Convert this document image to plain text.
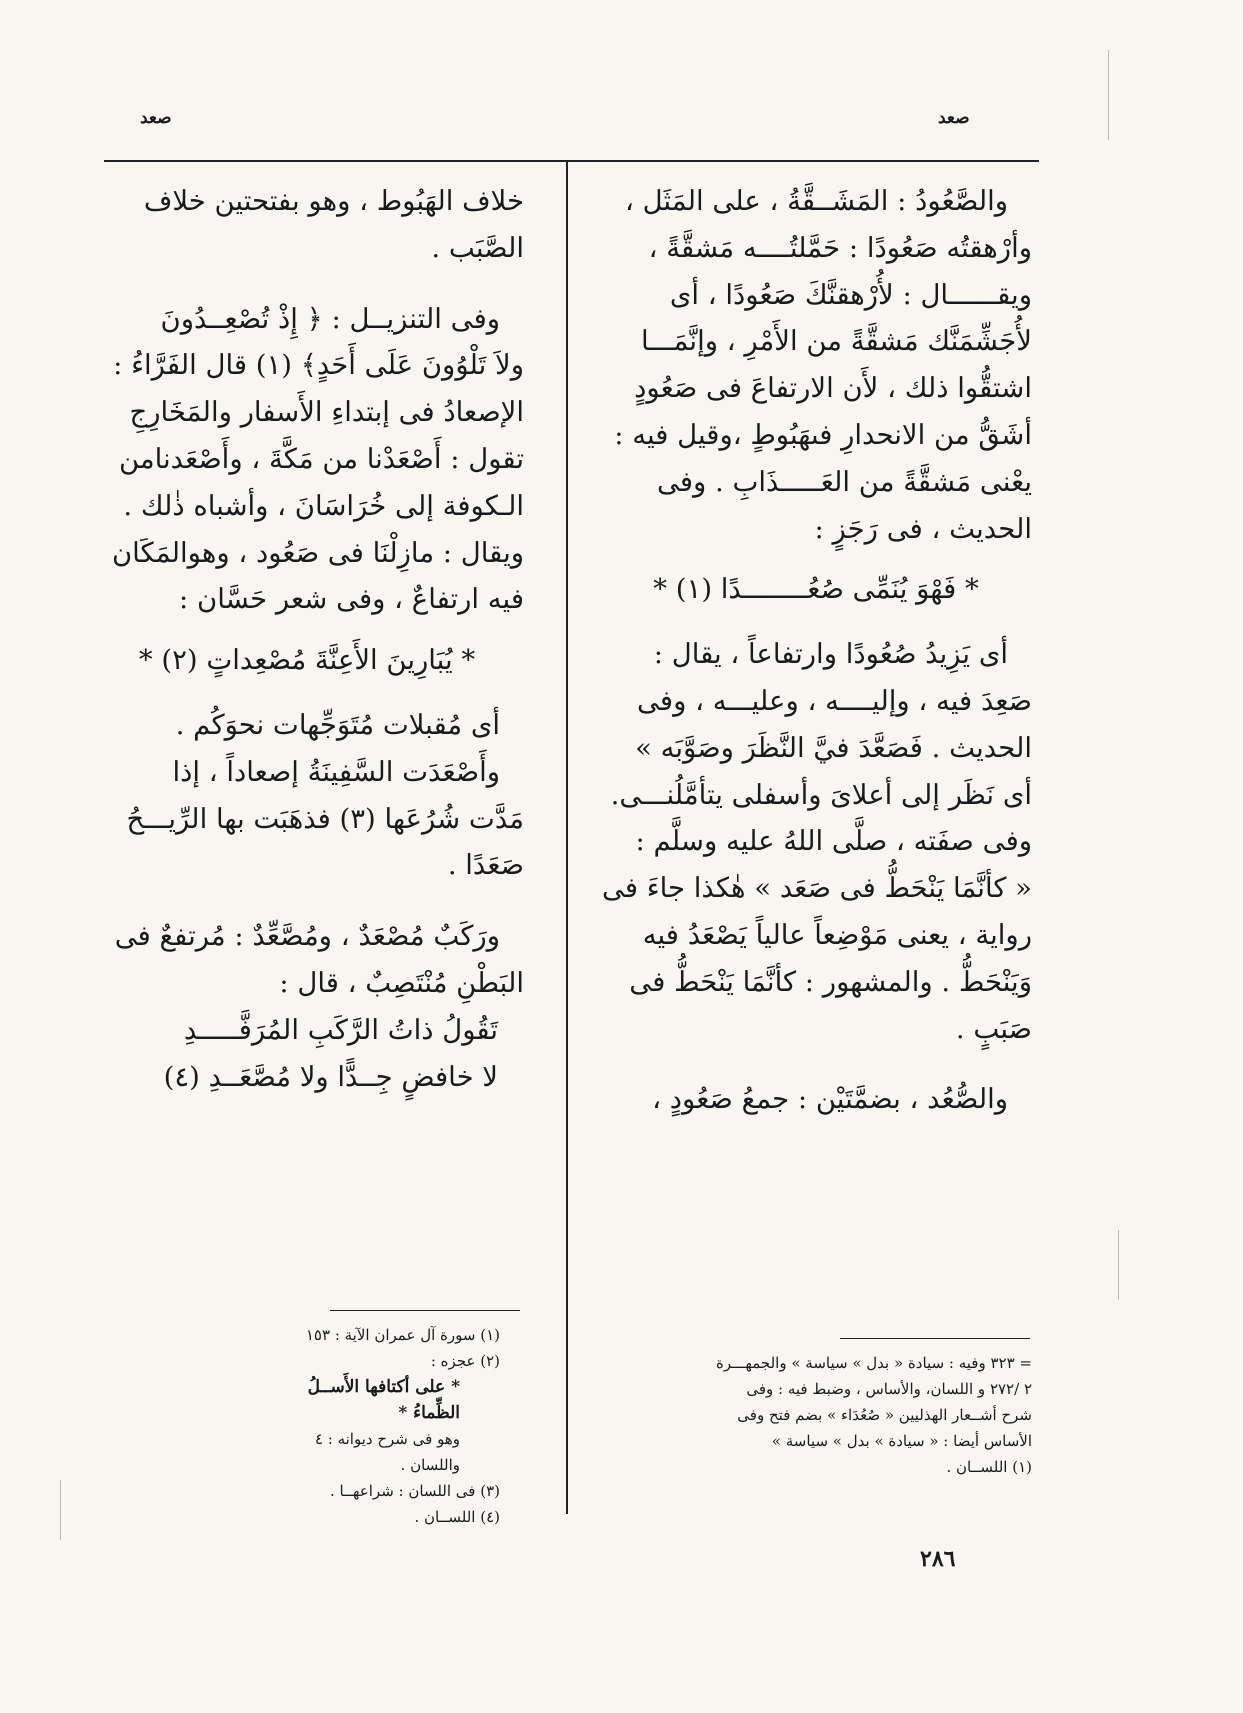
صعد
صعد

والصَّعُودُ : المَشَــقَّةُ ، على المَثَل ،

وأرْهقتُه صَعُودًا : حَمَّلتُــــه مَشقَّةً ،

ويقــــــال : لأُرْهقنَّكَ صَعُودًا ، أى

لأُجَشِّمَنَّك مَشقَّةً من الأَمْرِ ، وإنَّمَـــا

اشتقُّوا ذلك ، لأَن الارتفاعَ فى صَعُودٍ

أشَقُّ من الانحدارِ فىهَبُوطٍ ،وقيل فيه :

يعْنى مَشقَّةً من العَـــــذَابِ . وفى

الحديث ، فى رَجَزٍ :

* فَهْوَ يُنَمِّى صُعُــــــــدًا (١) *

أى يَزِيدُ صُعُودًا وارتفاعاً ، يقال :

صَعِدَ فيه ، وإليــــه ، وعليـــه ، وفى

الحديث . فَصَعَّدَ فيَّ النَّظَرَ وصَوَّبَه »

أى نَظَر إلى أعلاىَ وأسفلى يتأمَّلُنـــى.

وفى صفَته ، صلَّى اللهُ عليه وسلَّم :

« كأنَّمَا يَنْحَطُّ فى صَعَد » هٰكذا جاءَ فى

رواية ، يعنى مَوْضِعاً عالياً يَصْعَدُ فيه

وَيَنْحَطُّ . والمشهور : كأنَّمَا يَنْحَطُّ فى

صَبَبٍ .

والصُّعُد ، بضمَّتَيْن : جمعُ صَعُودٍ ،

خلاف الهَبُوط ، وهو بفتحتين خلاف

الصَّبَب .

وفى التنزيــل : ﴿ إِذْ تُصْعِــدُونَ

ولاَ تَلْوُونَ عَلَى أَحَدٍ﴾ (١) قال الفَرَّاءُ :

الإصعادُ فى إبتداءِ الأَسفار والمَخَارِجِ

تقول : أَصْعَدْنا من مَكَّةَ ، وأَصْعَدنامن

الـكوفة إلى خُرَاسَانَ ، وأشباه ذٰلك .

ويقال : مازِلْنَا فى صَعُود ، وهوالمَكَان

فيه ارتفاعٌ ، وفى شعر حَسَّان :

* يُبَارِينَ الأَعِنَّةَ مُصْعِداتٍ (٢) *

أى مُقبلات مُتَوَجِّهات نحوَكُم .

وأَصْعَدَت السَّفِينَةُ إصعاداً ، إذا

مَدَّت شُرُعَها (٣) فذهَبَت بها الرِّيـــحُ

صَعَدًا .

ورَكَبٌ مُصْعَدٌ ، ومُصَّعِّدٌ : مُرتفعٌ فى

البَطْنِ مُنْتَصِبٌ ، قال :

تَقُولُ ذاتُ الرَّكَبِ المُرَفَّـــــدِ

لا خافضٍ جِــدًّا ولا مُصَّعَــدِ (٤)

= ٣٢٣ وفيه : سيادة « بدل » سياسة » والجمهـــرة

٢ /٢٧٢ و اللسان، والأساس ، وضبط فيه : وفى

شرح أشــعار الهذليين « صُعُدَاء » بضم فتح وفى

الأساس أيضا : « سيادة » بدل » سياسة »

(١) اللســان .

(١) سورة آل عمران الآية : ١٥٣

(٢) عجزه :

* على أكتافها الأَســلُ الظِّماءُ *

وهو فى شرح ديوانه : ٤ واللسان .

(٣) فى اللسان : شراعهــا .

(٤) اللســان .

٢٨٦
